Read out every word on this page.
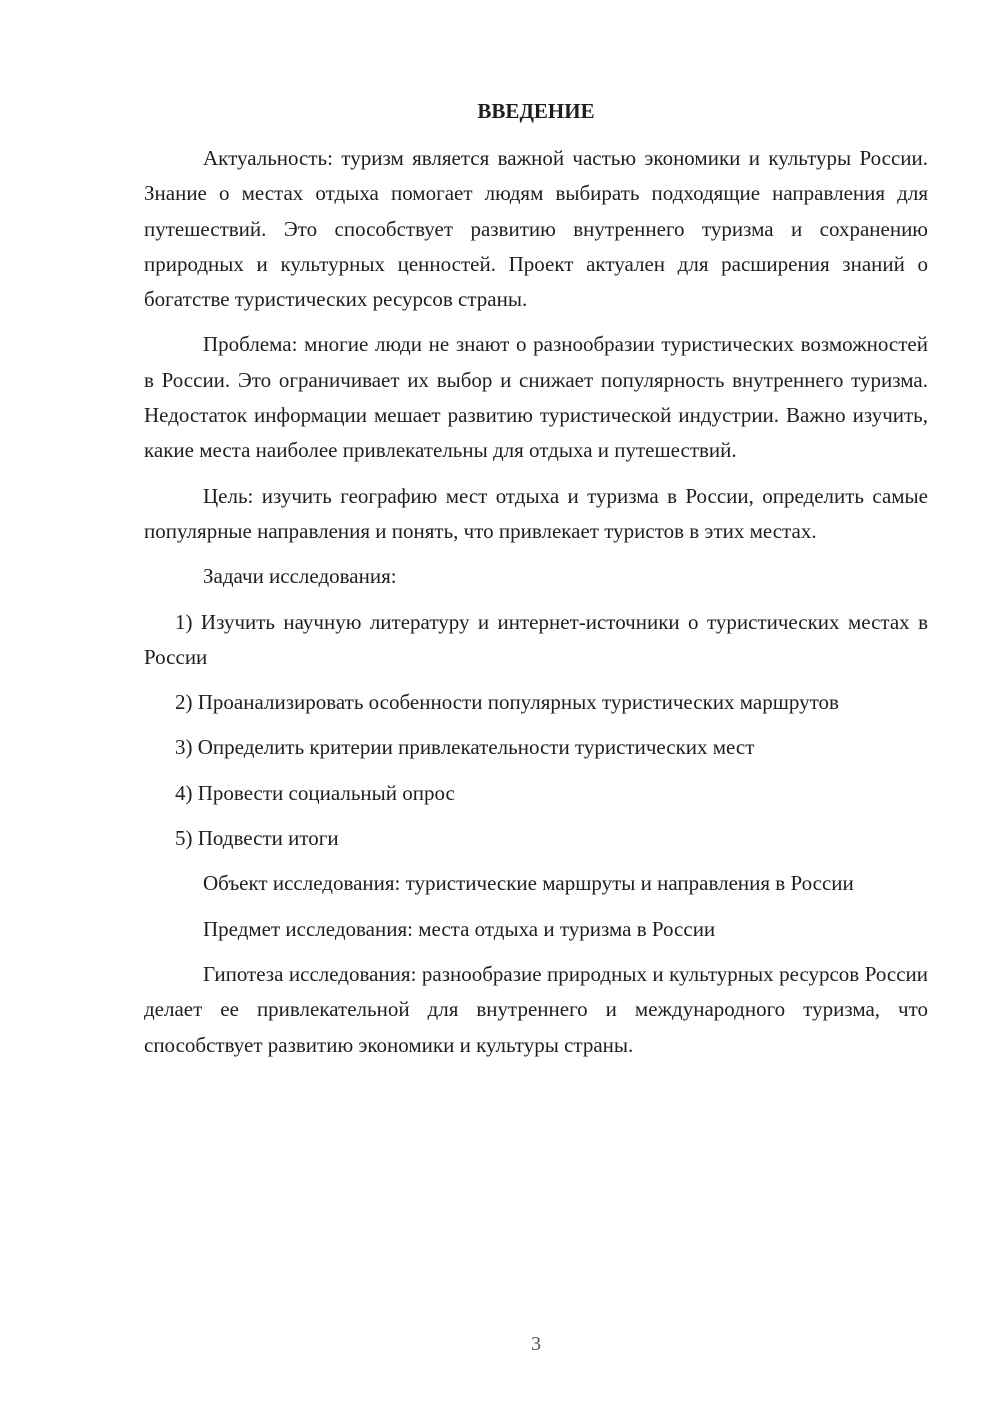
ВВЕДЕНИЕ

Актуальность: туризм является важной частью экономики и культуры России. Знание о местах отдыха помогает людям выбирать подходящие направления для путешествий. Это способствует развитию внутреннего туризма и сохранению природных и культурных ценностей. Проект актуален для расширения знаний о богатстве туристических ресурсов страны.

Проблема: многие люди не знают о разнообразии туристических возможностей в России. Это ограничивает их выбор и снижает популярность внутреннего туризма. Недостаток информации мешает развитию туристической индустрии. Важно изучить, какие места наиболее привлекательны для отдыха и путешествий.

Цель: изучить географию мест отдыха и туризма в России, определить самые популярные направления и понять, что привлекает туристов в этих местах.

Задачи исследования:

1) Изучить научную литературу и интернет-источники о туристических местах в России

2) Проанализировать особенности популярных туристических маршрутов

3) Определить критерии привлекательности туристических мест

4) Провести социальный опрос

5) Подвести итоги

Объект исследования: туристические маршруты и направления в России

Предмет исследования: места отдыха и туризма в России

Гипотеза исследования: разнообразие природных и культурных ресурсов России делает ее привлекательной для внутреннего и международного туризма, что способствует развитию экономики и культуры страны.

3
